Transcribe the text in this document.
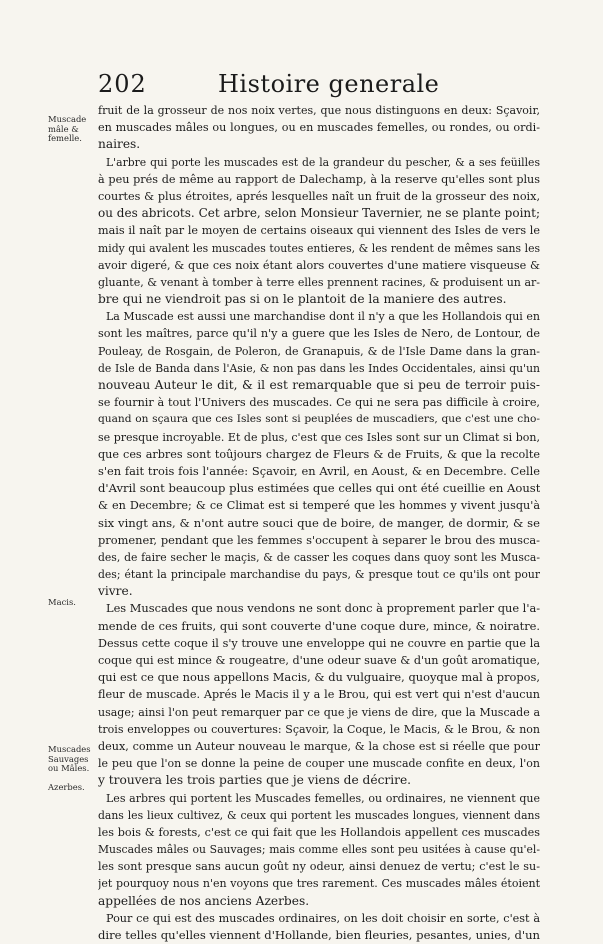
202	Histoire generale
Muscade mâle & femelle.
Macis.
Muscades Sauvages ou Mâles.
Azerbes.
fruit de la grosseur de nos noix vertes, que nous distinguons en deux: Sçavoir,
en muscades mâles ou longues, ou en muscades femelles, ou rondes, ou ordi-
naires.
L'arbre qui porte les muscades est de la grandeur du pescher, & a ses feüilles
à peu prés de même au rapport de Dalechamp, à la reserve qu'elles sont plus
courtes & plus étroites, aprés lesquelles naît un fruit de la grosseur des noix,
ou des abricots. Cet arbre, selon Monsieur Tavernier, ne se plante point;
mais il naît par le moyen de certains oiseaux qui viennent des Isles de vers le
midy qui avalent les muscades toutes entieres, & les rendent de mêmes sans les
avoir digeré, & que ces noix étant alors couvertes d'une matiere visqueuse &
gluante, & venant à tomber à terre elles prennent racines, & produisent un ar-
bre qui ne viendroit pas si on le plantoit de la maniere des autres.
La Muscade est aussi une marchandise dont il n'y a que les Hollandois qui en
sont les maîtres, parce qu'il n'y a guere que les Isles de Nero, de Lontour, de
Pouleay, de Rosgain, de Poleron, de Granapuis, & de l'Isle Dame dans la gran-
de Isle de Banda dans l'Asie, & non pas dans les Indes Occidentales, ainsi qu'un
nouveau Auteur le dit, & il est remarquable que si peu de terroir puis-
se fournir à tout l'Univers des muscades. Ce qui ne sera pas difficile à croire,
quand on sçaura que ces Isles sont si peuplées de muscadiers, que c'est une cho-
se presque incroyable. Et de plus, c'est que ces Isles sont sur un Climat si bon,
que ces arbres sont toûjours chargez de Fleurs & de Fruits, & que la recolte
s'en fait trois fois l'année: Sçavoir, en Avril, en Aoust, & en Decembre. Celle
d'Avril sont beaucoup plus estimées que celles qui ont été cueillie en Aoust
& en Decembre; & ce Climat est si temperé que les hommes y vivent jusqu'à
six vingt ans, & n'ont autre souci que de boire, de manger, de dormir, & se
promener, pendant que les femmes s'occupent à separer le brou des musca-
des, de faire secher le maçis, & de casser les coques dans quoy sont les Musca-
des; étant la principale marchandise du pays, & presque tout ce qu'ils ont pour
vivre.
Les Muscades que nous vendons ne sont donc à proprement parler que l'a-
mende de ces fruits, qui sont couverte d'une coque dure, mince, & noiratre.
Dessus cette coque il s'y trouve une enveloppe qui ne couvre en partie que la
coque qui est mince & rougeatre, d'une odeur suave & d'un goût aromatique,
qui est ce que nous appellons Macis, & du vulguaire, quoyque mal à propos,
fleur de muscade. Aprés le Macis il y a le Brou, qui est vert qui n'est d'aucun
usage; ainsi l'on peut remarquer par ce que je viens de dire, que la Muscade a
trois enveloppes ou couvertures: Sçavoir, la Coque, le Macis, & le Brou, & non
deux, comme un Auteur nouveau le marque, & la chose est si réelle que pour
le peu que l'on se donne la peine de couper une muscade confite en deux, l'on
y trouvera les trois parties que je viens de décrire.
Les arbres qui portent les Muscades femelles, ou ordinaires, ne viennent que
dans les lieux cultivez, & ceux qui portent les muscades longues, viennent dans
les bois & forests, c'est ce qui fait que les Hollandois appellent ces muscades
Muscades mâles ou Sauvages; mais comme elles sont peu usitées à cause qu'el-
les sont presque sans aucun goût ny odeur, ainsi denuez de vertu; c'est le su-
jet pourquoy nous n'en voyons que tres rarement. Ces muscades mâles étoient
appellées de nos anciens Azerbes.
Pour ce qui est des muscades ordinaires, on les doit choisir en sorte, c'est à
dire telles qu'elles viennent d'Hollande, bien fleuries, pesantes, unies, d'un
